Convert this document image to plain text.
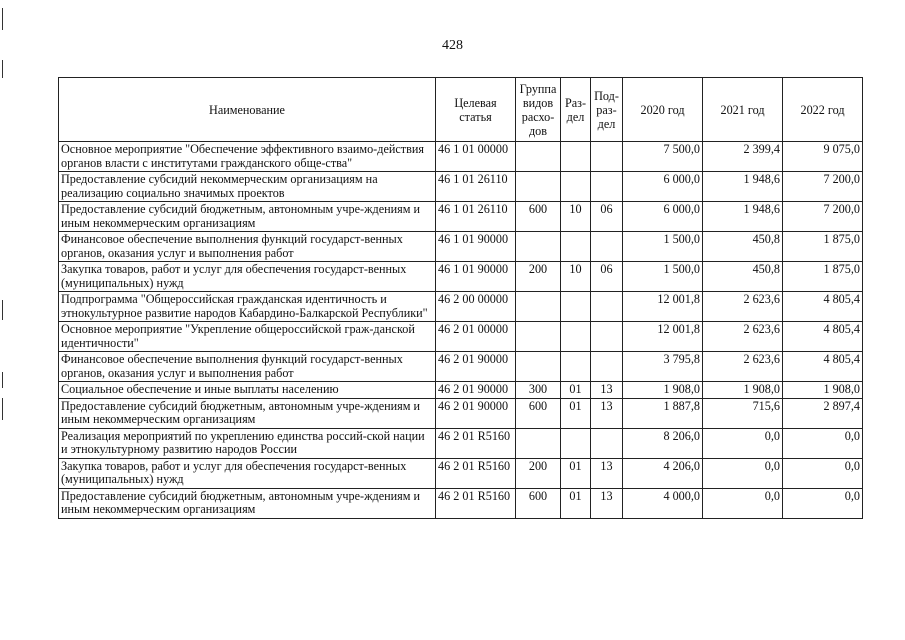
428
Наименование	Целевая статья	Группа видов расхо-дов	Раз-дел	Под-раз-дел	2020 год	2021 год	2022 год
Основное мероприятие "Обеспечение эффективного взаимо-действия органов власти с институтами гражданского обще-ства"	46 1 01 00000				7 500,0	2 399,4	9 075,0
Предоставление субсидий некоммерческим организациям на реализацию социально значимых проектов	46 1 01 26110				6 000,0	1 948,6	7 200,0
Предоставление субсидий бюджетным, автономным учре-ждениям и иным некоммерческим организациям	46 1 01 26110	600	10	06	6 000,0	1 948,6	7 200,0
Финансовое обеспечение выполнения функций государст-венных органов, оказания услуг и выполнения работ	46 1 01 90000				1 500,0	450,8	1 875,0
Закупка товаров, работ и услуг для обеспечения государст-венных (муниципальных) нужд	46 1 01 90000	200	10	06	1 500,0	450,8	1 875,0
Подпрограмма "Общероссийская гражданская идентичность и этнокультурное развитие народов Кабардино-Балкарской Республики"	46 2 00 00000				12 001,8	2 623,6	4 805,4
Основное мероприятие "Укрепление общероссийской граж-данской идентичности"	46 2 01 00000				12 001,8	2 623,6	4 805,4
Финансовое обеспечение выполнения функций государст-венных органов, оказания услуг и выполнения работ	46 2 01 90000				3 795,8	2 623,6	4 805,4
Социальное обеспечение и иные выплаты населению	46 2 01 90000	300	01	13	1 908,0	1 908,0	1 908,0
Предоставление субсидий бюджетным, автономным учре-ждениям и иным некоммерческим организациям	46 2 01 90000	600	01	13	1 887,8	715,6	2 897,4
Реализация мероприятий по укреплению единства россий-ской нации и этнокультурному развитию народов России	46 2 01 R5160				8 206,0	0,0	0,0
Закупка товаров, работ и услуг для обеспечения государст-венных (муниципальных) нужд	46 2 01 R5160	200	01	13	4 206,0	0,0	0,0
Предоставление субсидий бюджетным, автономным учре-ждениям и иным некоммерческим организациям	46 2 01 R5160	600	01	13	4 000,0	0,0	0,0
